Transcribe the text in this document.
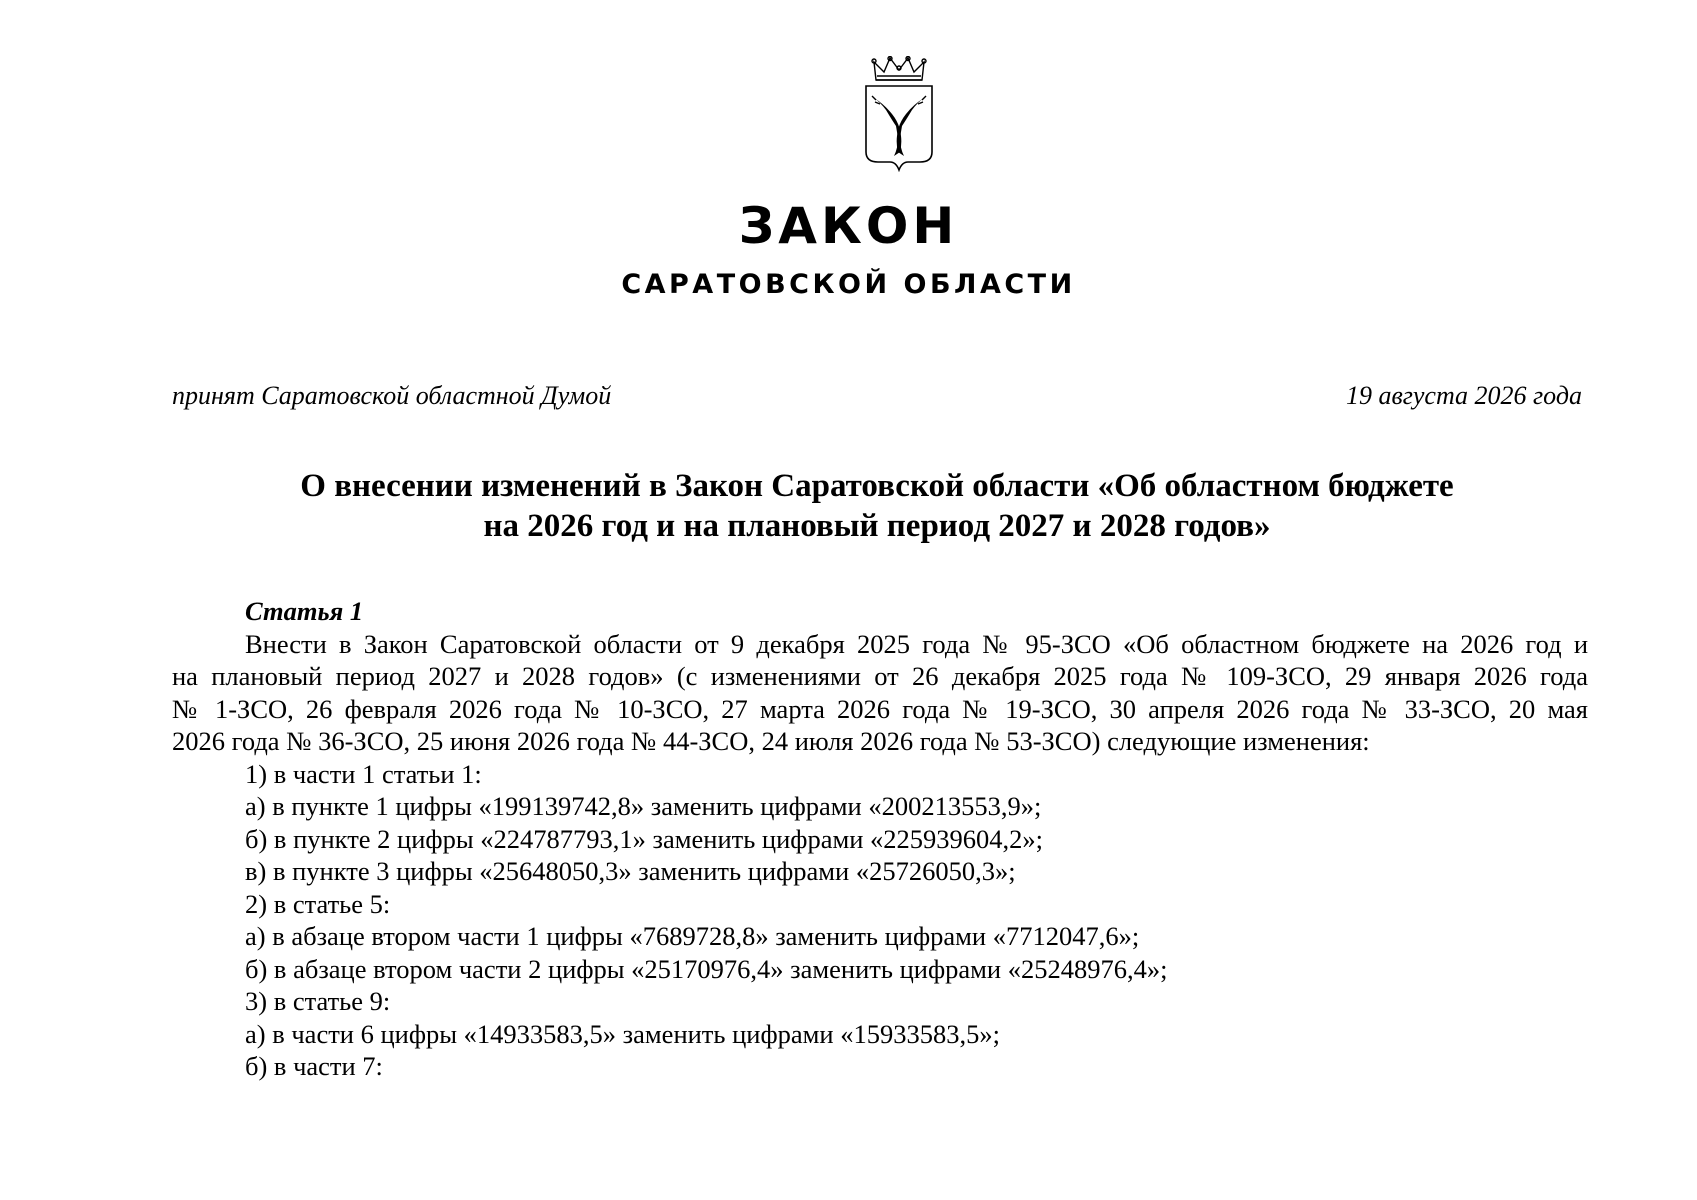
ЗАКОН
САРАТОВСКОЙ ОБЛАСТИ
принят Саратовской областной Думой	19 августа 2026 года
О внесении изменений в Закон Саратовской области «Об областном бюджете
на 2026 год и на плановый период 2027 и 2028 годов»

Статья 1

Внести в Закон Саратовской области от 9 декабря 2025 года № 95-ЗСО «Об областном бюджете на 2026 год и

на плановый период 2027 и 2028 годов» (с изменениями от 26 декабря 2025 года № 109-ЗСО, 29 января 2026 года

№ 1-ЗСО, 26 февраля 2026 года № 10-ЗСО, 27 марта 2026 года № 19-ЗСО, 30 апреля 2026 года № 33-ЗСО, 20 мая

2026 года № 36-ЗСО, 25 июня 2026 года № 44-ЗСО, 24 июля 2026 года № 53-ЗСО) следующие изменения:

1) в части 1 статьи 1:

а) в пункте 1 цифры «199139742,8» заменить цифрами «200213553,9»;

б) в пункте 2 цифры «224787793,1» заменить цифрами «225939604,2»;

в) в пункте 3 цифры «25648050,3» заменить цифрами «25726050,3»;

2) в статье 5:

а) в абзаце втором части 1 цифры «7689728,8» заменить цифрами «7712047,6»;

б) в абзаце втором части 2 цифры «25170976,4» заменить цифрами «25248976,4»;

3) в статье 9:

а) в части 6 цифры «14933583,5» заменить цифрами «15933583,5»;

б) в части 7:
